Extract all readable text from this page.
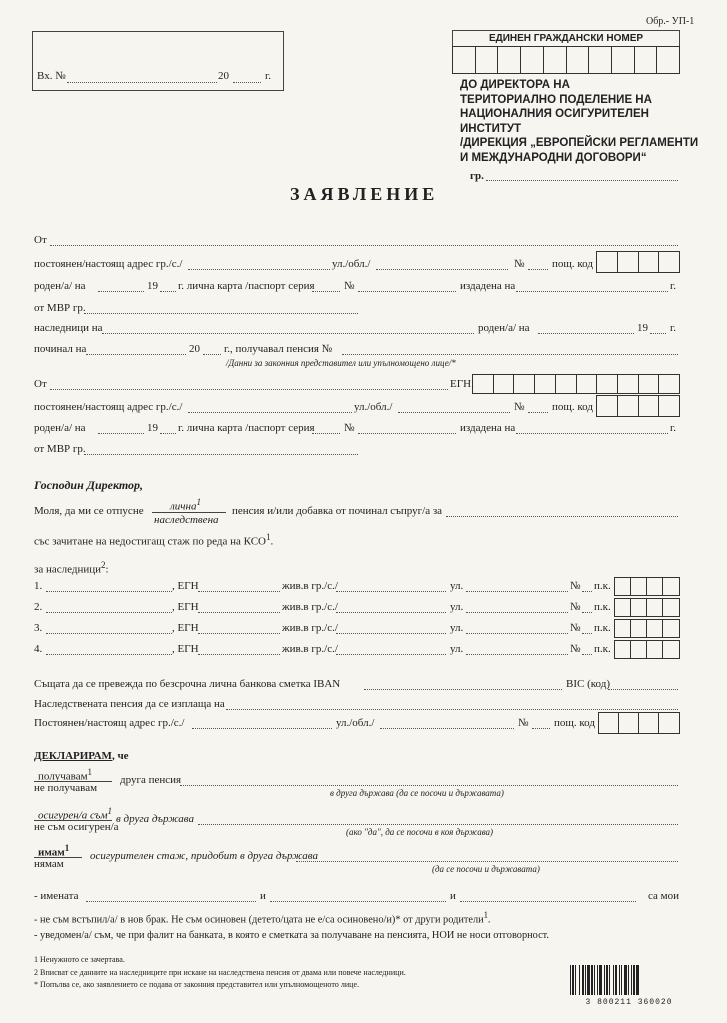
Обр.- УП-1
Вх. №	20	г.
ЕДИНЕН ГРАЖДАНСКИ НОМЕР
ДО ДИРЕКТОРА НА
ТЕРИТОРИАЛНО ПОДЕЛЕНИЕ НА
НАЦИОНАЛНИЯ ОСИГУРИТЕЛЕН
ИНСТИТУТ
/ДИРЕКЦИЯ „ЕВРОПЕЙСКИ РЕГЛАМЕНТИ
И МЕЖДУНАРОДНИ ДОГОВОРИ“
гр.
ЗАЯВЛЕНИЕ
От
постоянен/настоящ адрес гр./с./	ул./обл./	№	пощ. код
роден/а/ на	19 г. лична карта /паспорт серия	№	издадена на	г.
от МВР гр.
наследници на	роден/а/ на	19 г.
починал на	20 г., получавал пенсия №
/Данни за законния представител или упълномощено лице/*
От	ЕГН:
постоянен/настоящ адрес гр./с./	ул./обл./	№	пощ. код
роден/а/ на	19 г. лична карта /паспорт серия	№	издадена на	г.
от МВР гр.
Господин Директор,
Моля, да ми се отпусне лична$^1$
наследствена
пенсия и/или добавка от починал съпруг/а за
със зачитане на недостигащ стаж по реда на КСО$^1$.
за наследници$^2$:
1.	, ЕГН	жив.в гр./с./	ул.	№ п.к.
2.	, ЕГН	жив.в гр./с./	ул.	№ п.к.
3.	, ЕГН	жив.в гр./с./	ул.	№ п.к.
4.	, ЕГН	жив.в гр./с./	ул.	№ п.к.
Същата да се превежда по безсрочна лична банкова сметка IBAN	BIC (код)
Наследствената пенсия да се изплаща на
Постоянен/настоящ адрес гр./с./	ул./обл./	№ пощ. код
ДЕКЛАРИРАМ, че
получавам$^1$
не получавам
друга пенсия
в друга държава (да се посочи и държавата)
осигурен/а съм$^1$
не съм осигурен/а
в друга държава
(ако "да", да се посочи в коя държава)
имам$^1$
нямам
осигурителен стаж, придобит в друга държава
(да се посочи и държавата)
- имената	и	и	са мои
- не съм встъпил/а/ в нов брак. Не съм осиновен (детето/цата не е/са осиновено/и)* от други родители$^1$.
- уведомен/а/ съм, че при фалит на банката, в която е сметката за получаване на пенсията, НОИ не носи отговорност.
1 Ненужното се зачертава.
2 Вписват се данните на наследниците при искане на наследствена пенсия от двама или повече наследници.
* Попълва се, ако заявлението се подава от законния представител или упълномощеното лице.
3 800211 360020
